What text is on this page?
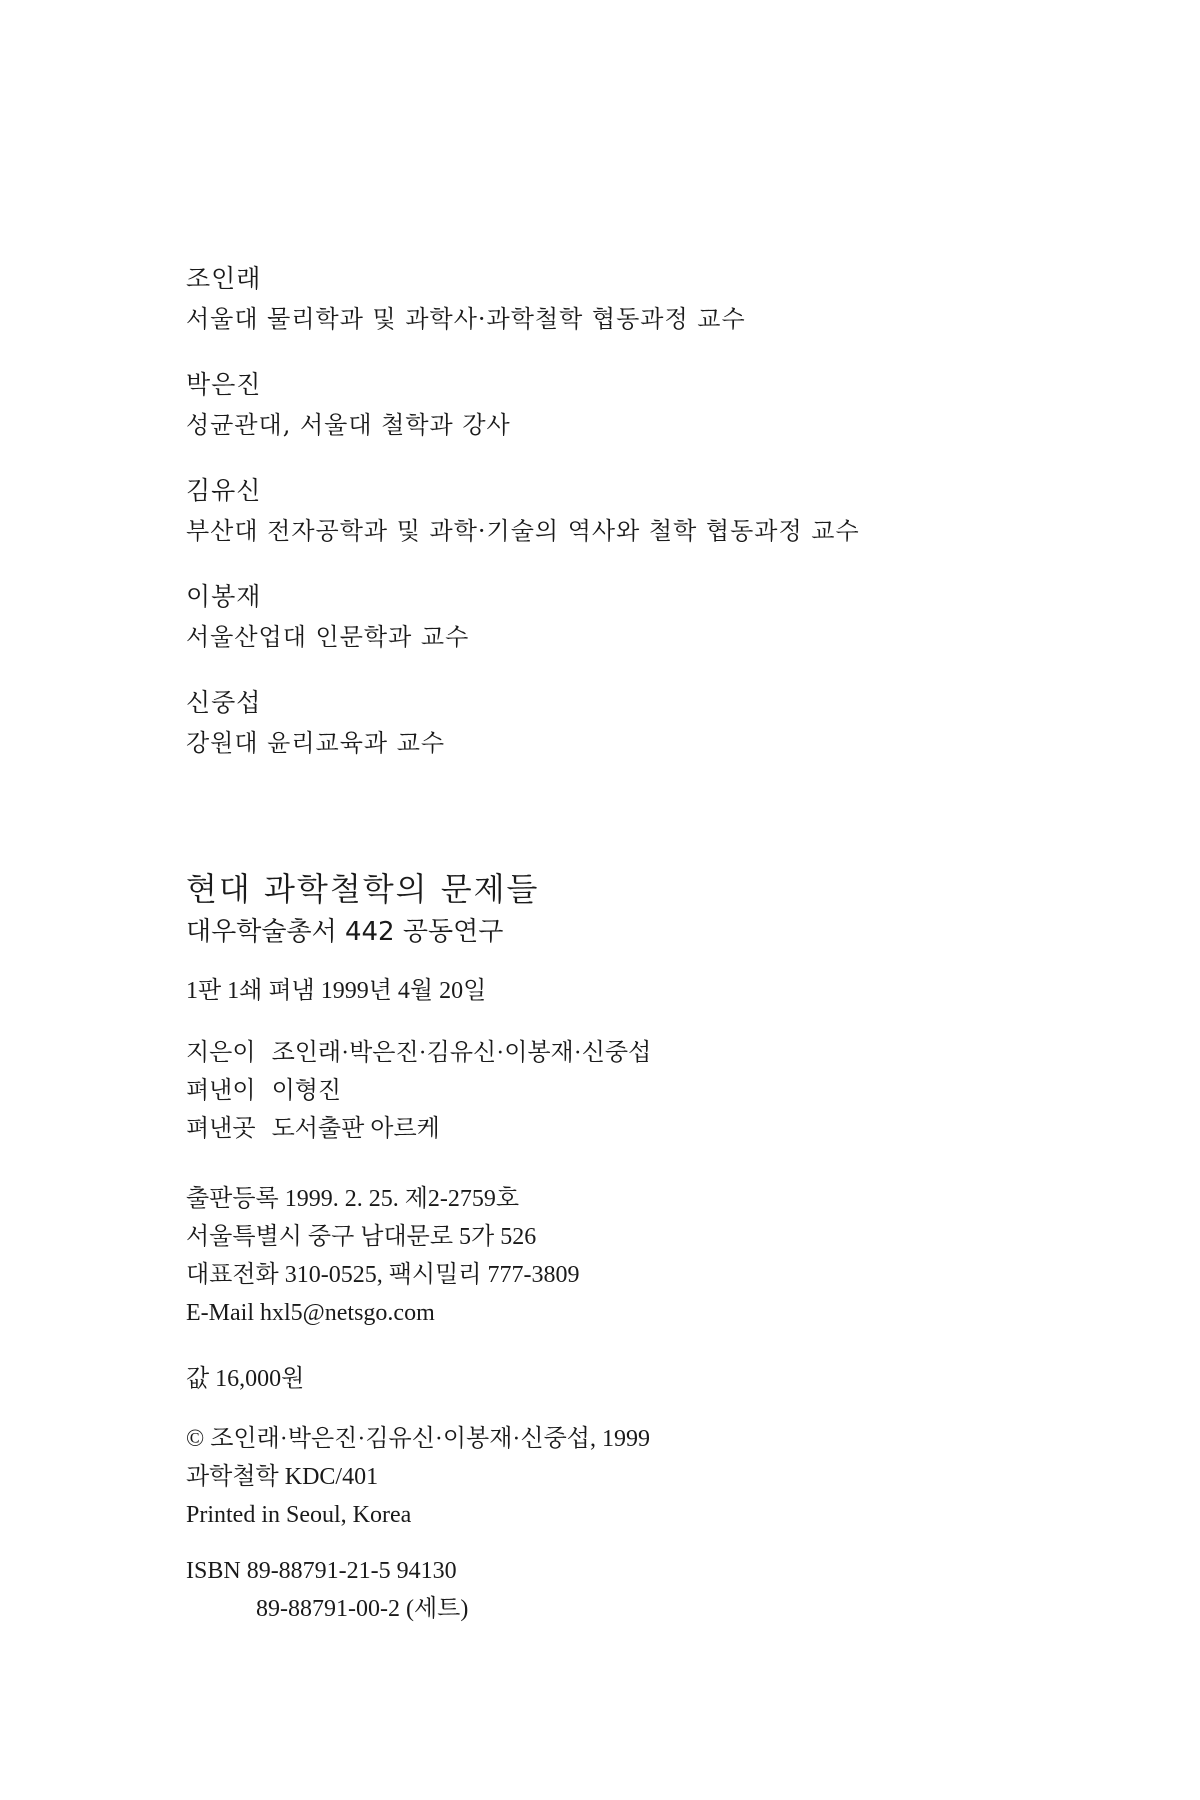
조인래
서울대 물리학과 및 과학사·과학철학 협동과정 교수
박은진
성균관대, 서울대 철학과 강사
김유신
부산대 전자공학과 및 과학·기술의 역사와 철학 협동과정 교수
이봉재
서울산업대 인문학과 교수
신중섭
강원대 윤리교육과 교수
현대 과학철학의 문제들
대우학술총서 442 공동연구
1판 1쇄 펴냄 1999년 4월 20일
지은이 조인래·박은진·김유신·이봉재·신중섭
펴낸이 이형진
펴낸곳 도서출판 아르케
출판등록 1999. 2. 25. 제2-2759호
서울특별시 중구 남대문로 5가 526
대표전화 310-0525, 팩시밀리 777-3809
E-Mail hxl5@netsgo.com
값 16,000원
© 조인래·박은진·김유신·이봉재·신중섭, 1999
과학철학 KDC/401
Printed in Seoul, Korea
ISBN 89-88791-21-5 94130
89-88791-00-2 (세트)
